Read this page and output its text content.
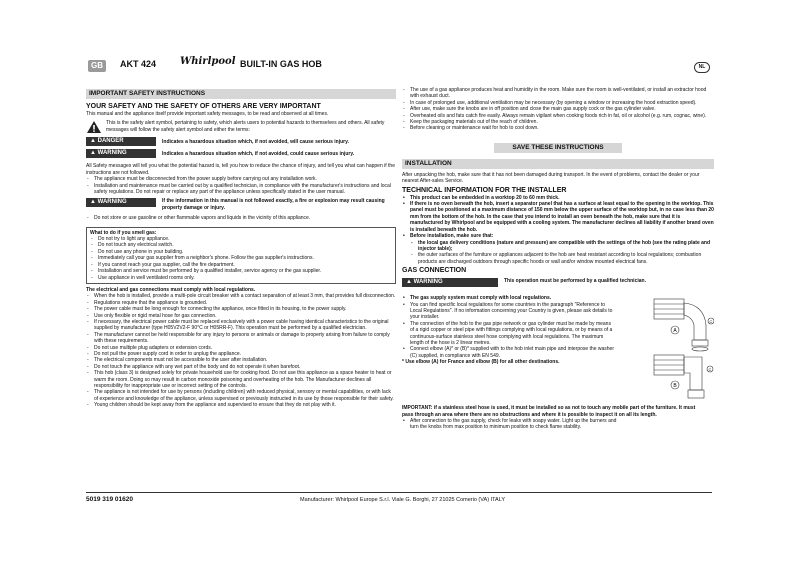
GB	AKT 424 Whirlpool BUILT-IN GAS HOB	NL
IMPORTANT SAFETY INSTRUCTIONS
YOUR SAFETY AND THE SAFETY OF OTHERS ARE VERY IMPORTANT
This manual and the appliance itself provide important safety messages, to be read and observed at all times.
This is the safety alert symbol, pertaining to safety, which alerts users to potential hazards to themselves and others. All safety messages will follow the safety alert symbol and either the terms:
▲ DANGER	Indicates a hazardous situation which, if not avoided, will cause serious injury.
▲ WARNING	Indicates a hazardous situation which, if not avoided, could cause serious injury.
All Safety messages will tell you what the potential hazard is, tell you how to reduce the chance of injury, and tell you what can happen if the instructions are not followed.
- The appliance must be disconnected from the power supply before carrying out any installation work.
- Installation and maintenance must be carried out by a qualified technician, in compliance with the manufacturer's instructions and local safety regulations. Do not repair or replace any part of the appliance unless specifically stated in the user manual.
▲ WARNING	If the information in this manual is not followed exactly, a fire or explosion may result causing property damage or injury.
- Do not store or use gasoline or other flammable vapors and liquids in the vicinity of this appliance.
What to do if you smell gas:
- Do not try to light any appliance.
- Do not touch any electrical switch.
- Do not use any phone in your building.
- Immediately call your gas supplier from a neighbor's phone. Follow the gas supplier's instructions.
- If you cannot reach your gas supplier, call the fire department.
- Installation and service must be performed by a qualified installer, service agency or the gas supplier.
- Use appliance in well ventilated rooms only.
The electrical and gas connections must comply with local regulations.
- When the hob is installed, provide a multi-pole circuit breaker with a contact separation of at least 3 mm, that provides full disconnection.
- Regulations require that the appliance is grounded.
- The power cable must be long enough for connecting the appliance, once fitted in its housing, to the power supply.
- Use only flexible or rigid metal hose for gas connection.
- If necessary, the electrical power cable must be replaced exclusively with a power cable having identical characteristics to the original supplied by manufacturer (type H05V2V2-F 90°C or H05RR-F). This operation must be performed by a qualified electrician.
- The manufacturer cannot be held responsible for any injury to persons or animals or damage to property arising from failure to comply with these requirements.
- Do not use multiple plug adapters or extension cords.
- Do not pull the power supply cord in order to unplug the appliance.
- The electrical components must not be accessible to the user after installation.
- Do not touch the appliance with any wet part of the body and do not operate it when barefoot.
- This hob (class 3) is designed solely for private household use for cooking food. Do not use this appliance as a space heater to heat or warm the room. Doing so may result in carbon monoxide poisoning and overheating of the hob. The Manufacturer declines all responsibility for inappropriate use or incorrect setting of the controls.
- The appliance is not intended for use by persons (including children) with reduced physical, sensory or mental capabilities, or with lack of experience and knowledge of the appliance, unless supervised or previously instructed in its use by those responsible for their safety.
- Young children should be kept away from the appliance and supervised to ensure that they do not play with it.
- The use of a gas appliance produces heat and humidity in the room. Make sure the room is well-ventilated, or install an extractor hood with exhaust duct.
- In case of prolonged use, additional ventilation may be necessary (by opening a window or increasing the hood extraction speed).
- After use, make sure the knobs are in off position and close the main gas supply cock or the gas cylinder valve.
- Overheated oils and fats catch fire easily. Always remain vigilant when cooking foods rich in fat, oil or alcohol (e.g. rum, cognac, wine).
- Keep the packaging materials out of the reach of children.
- Before cleaning or maintenance wait for hob to cool down.
SAVE THESE INSTRUCTIONS
INSTALLATION
After unpacking the hob, make sure that it has not been damaged during transport. In the event of problems, contact the dealer or your nearest After-sales Service.
TECHNICAL INFORMATION FOR THE INSTALLER
• This product can be embedded in a worktop 20 to 60 mm thick.
• If there is no oven beneath the hob, insert a separator panel that has a surface at least equal to the opening in the worktop. This panel must be positioned at a maximum distance of 150 mm below the upper surface of the worktop but, in no case less than 20 mm from the bottom of the hob. In the case that you intend to install an oven beneath the hob, make sure that it is manufactured by Whirlpool and be equipped with a cooling system. The manufacturer declines all liability if another brand oven is installed beneath the hob.
• Before installation, make sure that:
- the local gas delivery conditions (nature and pressure) are compatible with the settings of the hob (see the rating plate and injector table);
- the outer surfaces of the furniture or appliances adjacent to the hob are heat resistant according to local regulations; combustion products are discharged outdoors through specific hoods or wall and/or window mounted electrical fans.
GAS CONNECTION
▲ WARNING	This operation must be performed by a qualified technician.
• The gas supply system must comply with local regulations.
• You can find specific local regulations for some countries in the paragraph "Reference to Local Regulations". If no information concerning your Country is given, please ask details to your installer.
• The connection of the hob to the gas pipe network or gas cylinder must be made by means of a rigid copper or steel pipe with fittings complying with local regulations, or by means of a continuous-surface stainless steel hose complying with local regulations. The maximum length of the hose is 2 linear metres.
• Connect elbow (A)* or (B)* supplied with to the hob inlet main pipe and interpose the washer (C) supplied, in compliance with EN 549.
* Use elbow (A) for France and elbow (B) for all other destinations.
A
C
B
C
IMPORTANT: if a stainless steel hose is used, it must be installed so as not to touch any mobile part of the furniture. It must pass through an area where there are no obstructions and where it is possible to inspect it on all its length.
• After connection to the gas supply, check for leaks with soapy water. Light up the burners and turn the knobs from max position to minimum position to check flame stability.
5019 319 01620	Manufacturer: Whirlpool Europe S.r.l. Viale G. Borghi, 27 21025 Comerio (VA) ITALY
